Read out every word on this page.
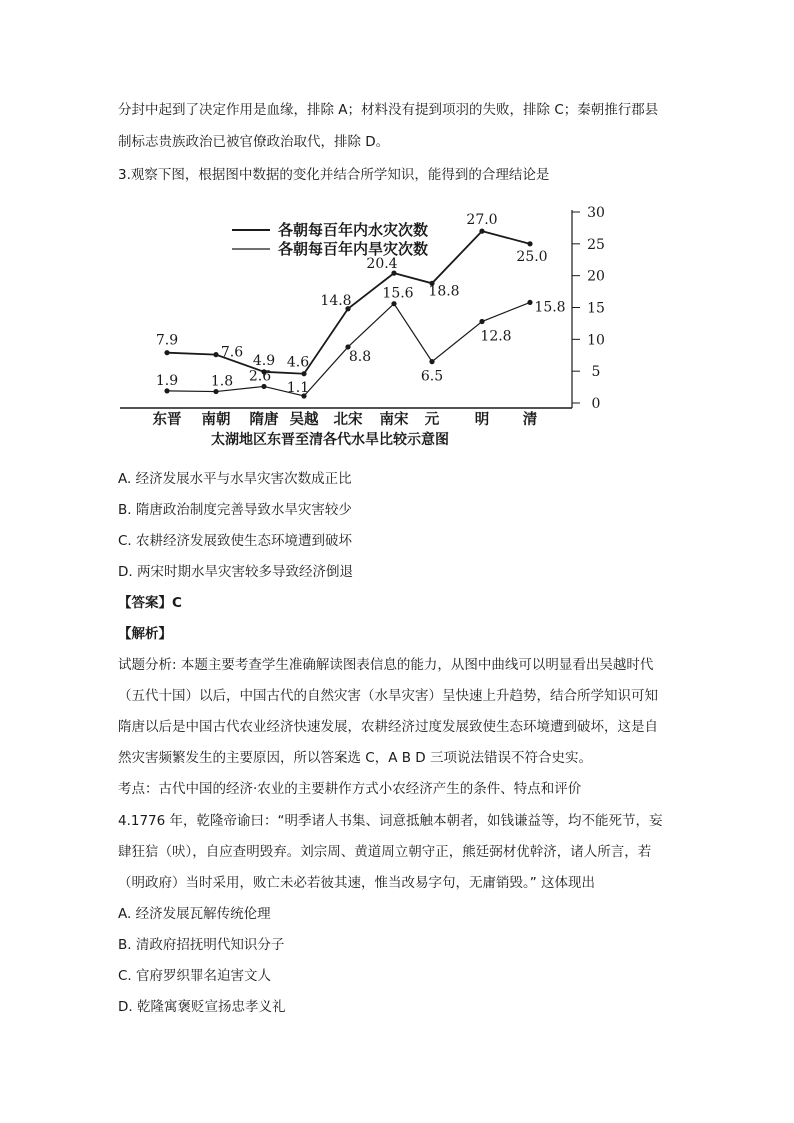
分封中起到了决定作用是血缘，排除 A；材料没有提到项羽的失败，排除 C；秦朝推行郡县
制标志贵族政治已被官僚政治取代，排除 D。
3.观察下图，根据图中数据的变化并结合所学知识，能得到的合理结论是
各朝每百年内水灾次数
各朝每百年内旱灾次数
0
5
10
15
20
25
30
东晋 南朝 隋唐 吴越 北宋 南宋 元 明 清
7.9
7.6
4.9 4.6
14.8
20.4
18.8
27.0
25.0
1.9 1.8 2.6
1.1
8.8
15.6
6.5
12.8
15.8
太湖地区东晋至清各代水旱比较示意图
A. 经济发展水平与水旱灾害次数成正比
B. 隋唐政治制度完善导致水旱灾害较少
C. 农耕经济发展致使生态环境遭到破坏
D. 两宋时期水旱灾害较多导致经济倒退
【答案】C
【解析】
试题分析: 本题主要考查学生准确解读图表信息的能力，从图中曲线可以明显看出吴越时代
（五代十国）以后，中国古代的自然灾害（水旱灾害）呈快速上升趋势，结合所学知识可知
隋唐以后是中国古代农业经济快速发展，农耕经济过度发展致使生态环境遭到破坏，这是自
然灾害频繁发生的主要原因，所以答案选 C，A B D 三项说法错误不符合史实。
考点：古代中国的经济·农业的主要耕作方式小农经济产生的条件、特点和评价
4.1776 年，乾隆帝谕曰：“明季诸人书集、词意抵触本朝者，如钱谦益等，均不能死节，妄
肆狂狺（吠），自应查明毁弃。刘宗周、黄道周立朝守正，熊廷弼材优幹济，诸人所言，若
（明政府）当时采用，败亡未必若彼其速，惟当改易字句，无庸销毁。” 这体现出
A. 经济发展瓦解传统伦理
B. 清政府招抚明代知识分子
C. 官府罗织罪名迫害文人
D. 乾隆寓褒贬宣扬忠孝义礼
